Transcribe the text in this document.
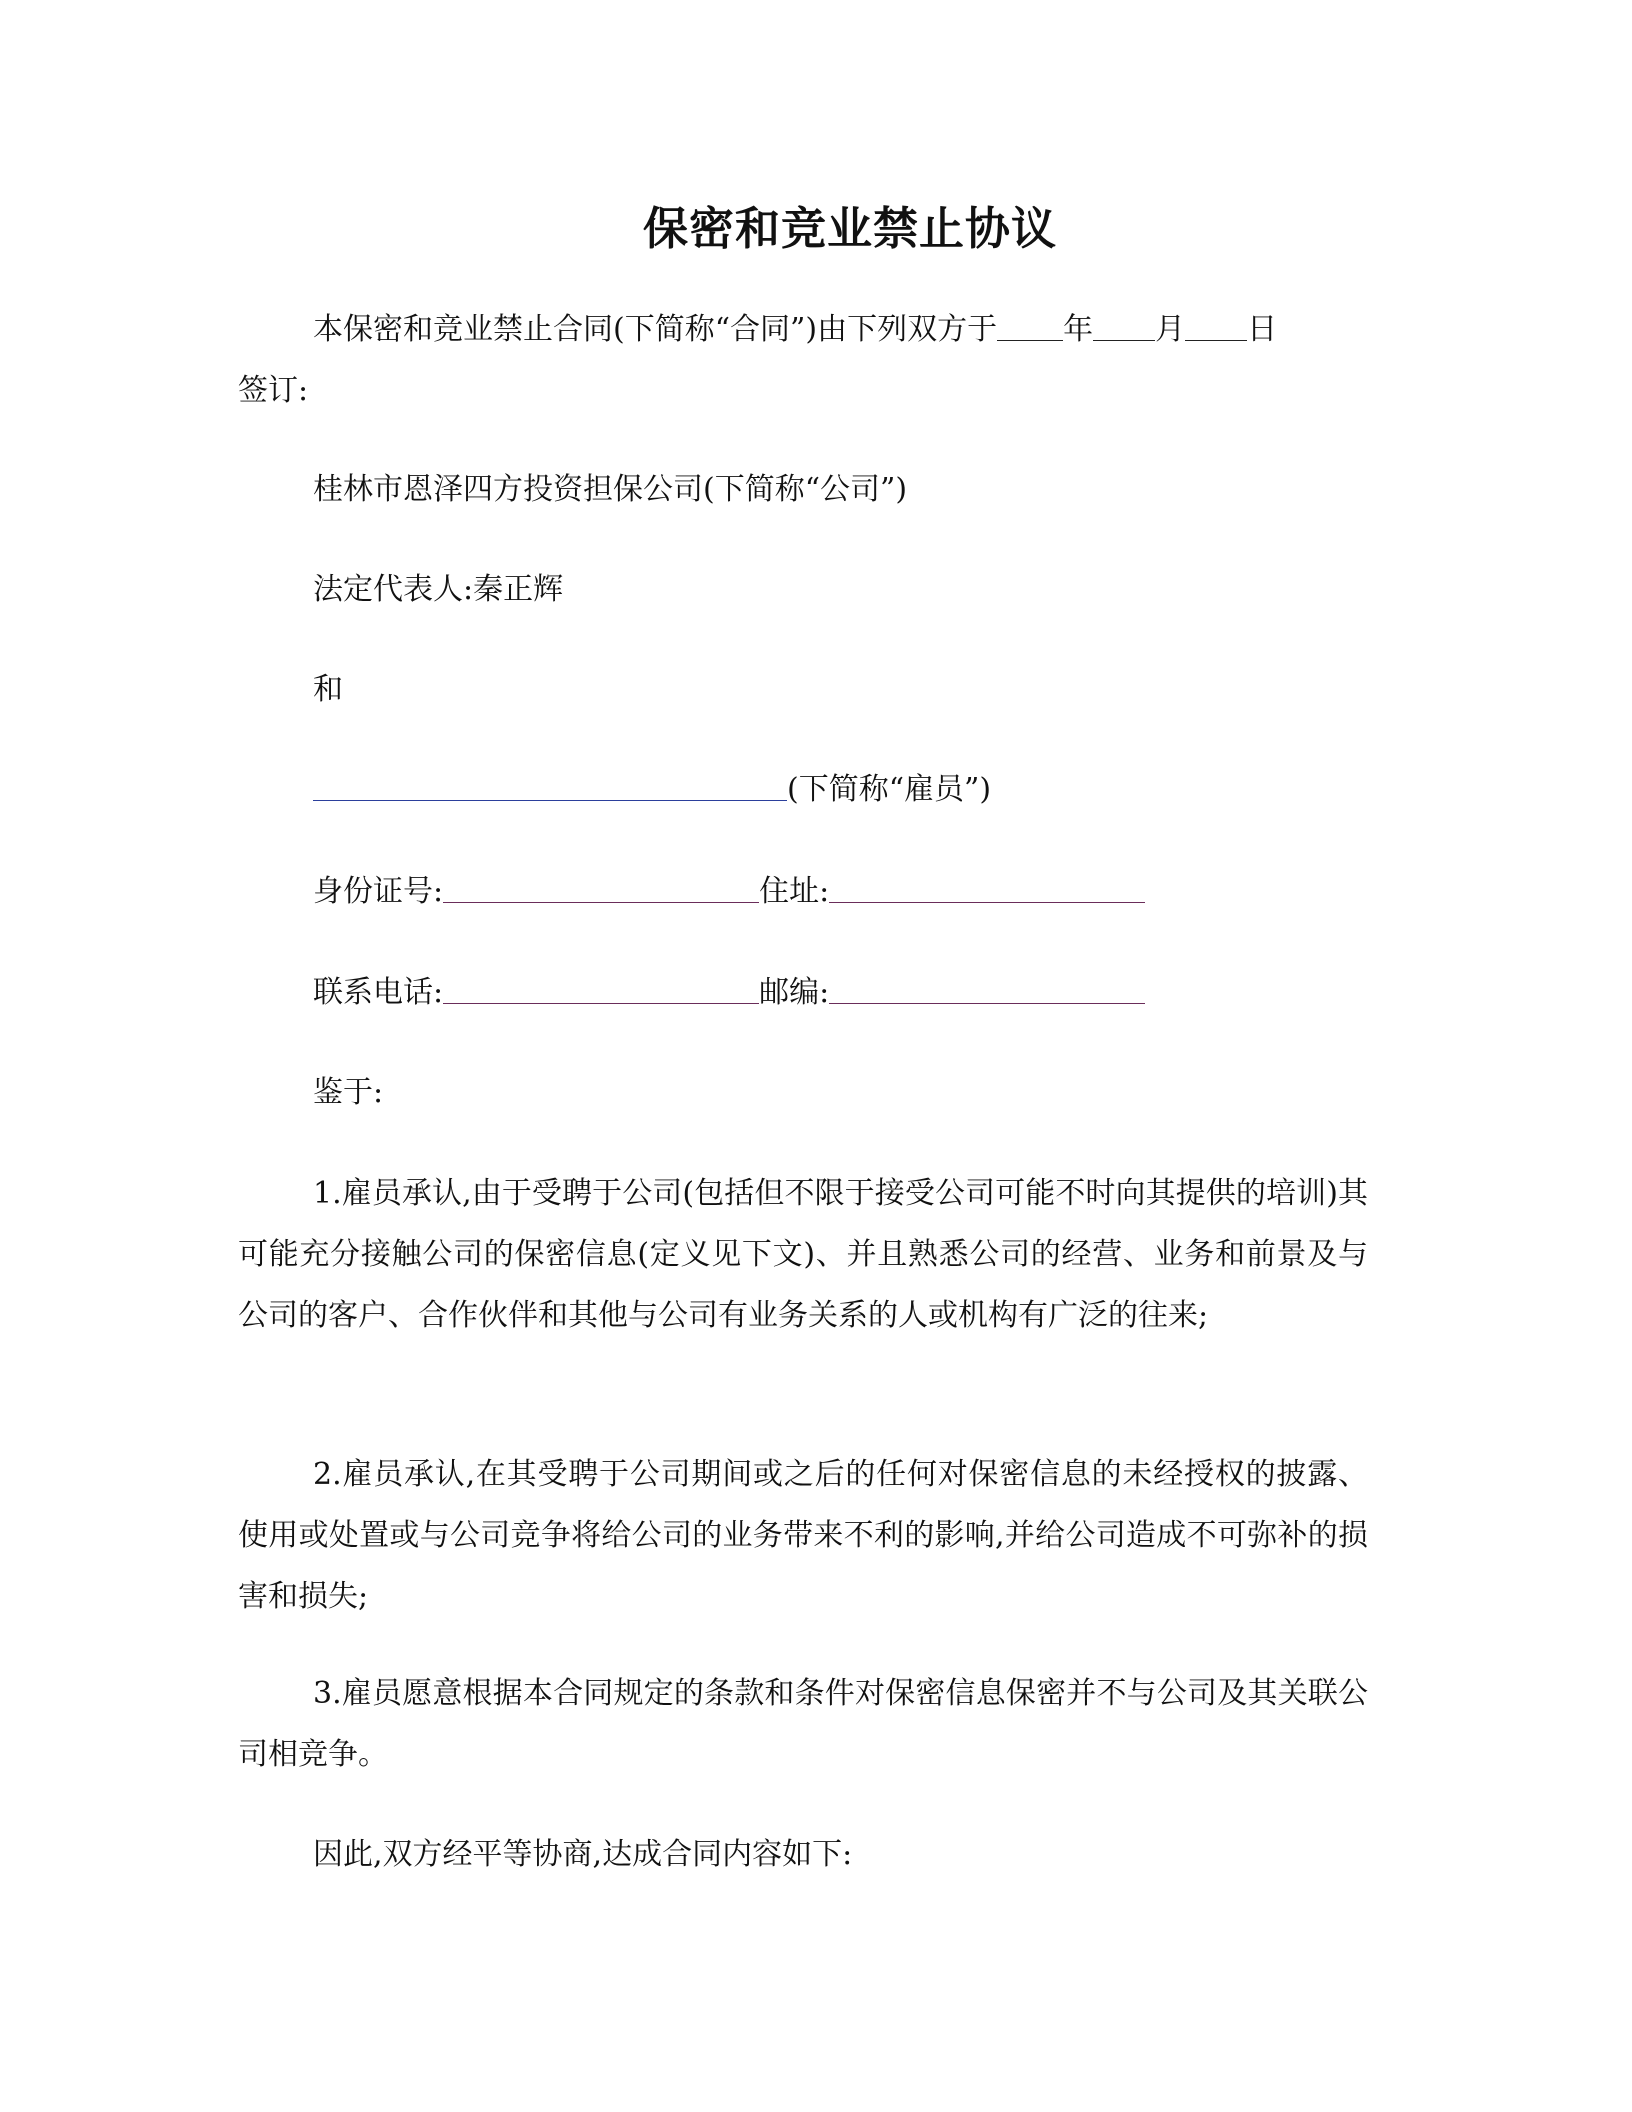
保密和竞业禁止协议
本保密和竞业禁止合同(下简称“合同”)由下列双方于 年 月 日
签订:
桂林市恩泽四方投资担保公司(下简称“公司”)
法定代表人:秦正辉
和
(下简称“雇员”)
身份证号:	住址:
联系电话:	邮编:
鉴于:
1.雇员承认,由于受聘于公司(包括但不限于接受公司可能不时向其提供的培训)其可能充分接触公司的保密信息(定义见下文)、并且熟悉公司的经营、业务和前景及与公司的客户、合作伙伴和其他与公司有业务关系的人或机构有广泛的往来;
2.雇员承认,在其受聘于公司期间或之后的任何对保密信息的未经授权的披露、使用或处置或与公司竞争将给公司的业务带来不利的影响,并给公司造成不可弥补的损害和损失;
3.雇员愿意根据本合同规定的条款和条件对保密信息保密并不与公司及其关联公司相竞争。
因此,双方经平等协商,达成合同内容如下:
